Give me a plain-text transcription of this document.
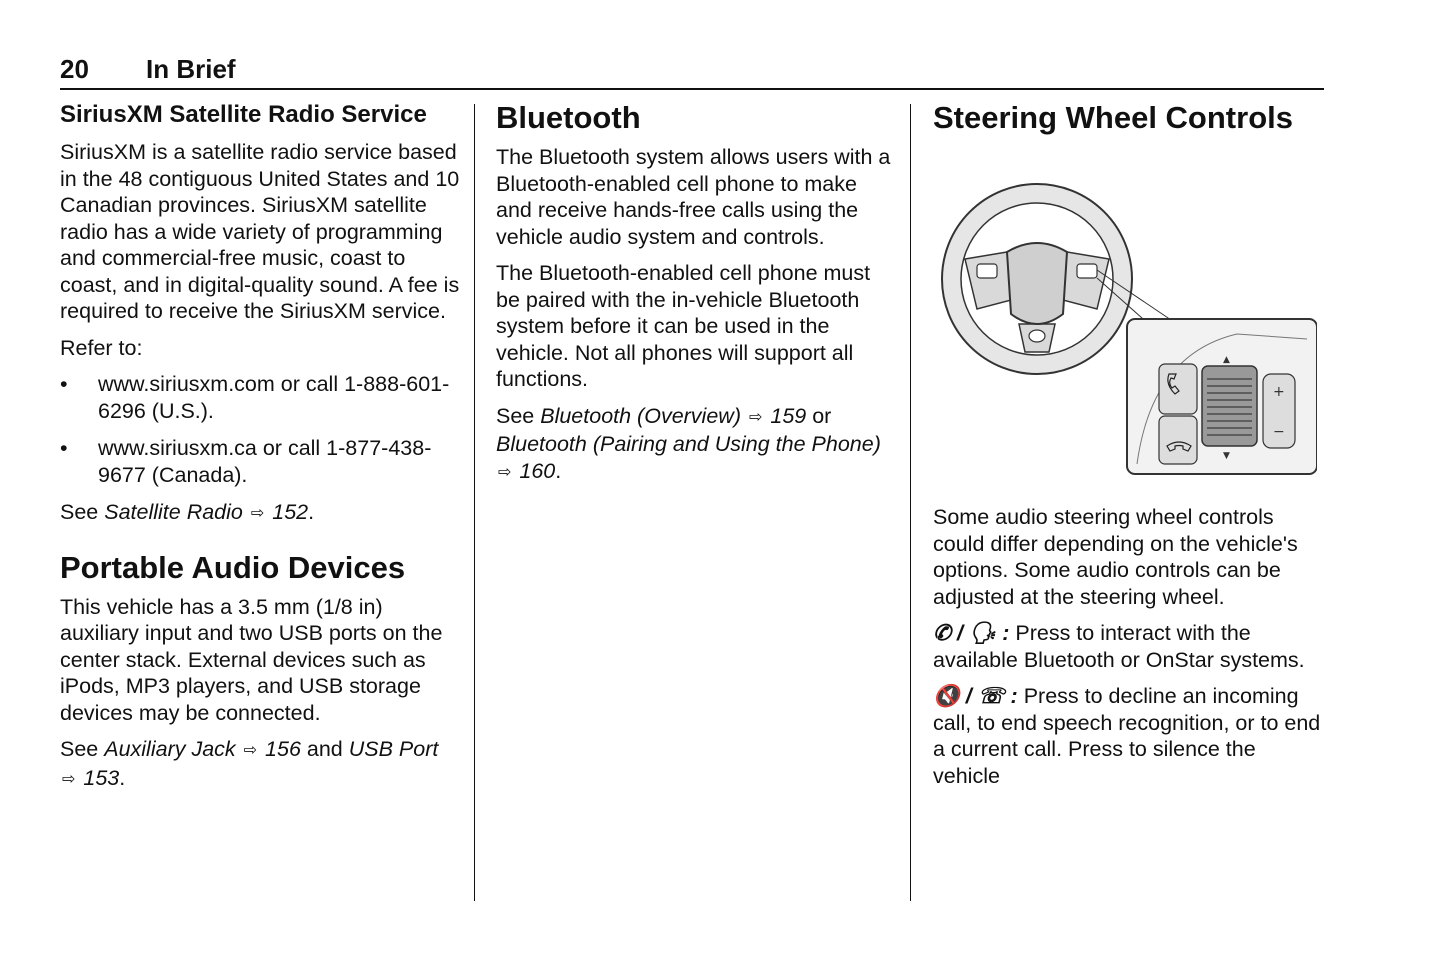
20 In Brief
SiriusXM Satellite Radio Service

SiriusXM is a satellite radio service based in the 48 contiguous United States and 10 Canadian provinces. SiriusXM satellite radio has a wide variety of programming and commercial-free music, coast to coast, and in digital-quality sound. A fee is required to receive the SiriusXM service.

Refer to:

• www.siriusxm.com or call 1-888-601-6296 (U.S.).
• www.siriusxm.ca or call 1-877-438-9677 (Canada).

See Satellite Radio ⇨ 152.

Portable Audio Devices

This vehicle has a 3.5 mm (1/8 in) auxiliary input and two USB ports on the center stack. External devices such as iPods, MP3 players, and USB storage devices may be connected.

See Auxiliary Jack ⇨ 156 and USB Port ⇨ 153.

Bluetooth

The Bluetooth system allows users with a Bluetooth-enabled cell phone to make and receive hands-free calls using the vehicle audio system and controls.

The Bluetooth-enabled cell phone must be paired with the in-vehicle Bluetooth system before it can be used in the vehicle. Not all phones will support all functions.

See Bluetooth (Overview) ⇨ 159 or Bluetooth (Pairing and Using the Phone) ⇨ 160.

Steering Wheel Controls
▲
▼
+
−

Some audio steering wheel controls could differ depending on the vehicle's options. Some audio controls can be adjusted at the steering wheel.

✆ / 🗣 : Press to interact with the available Bluetooth or OnStar systems.

🔇 / ☏ : Press to decline an incoming call, to end speech recognition, or to end a current call. Press to silence the vehicle
